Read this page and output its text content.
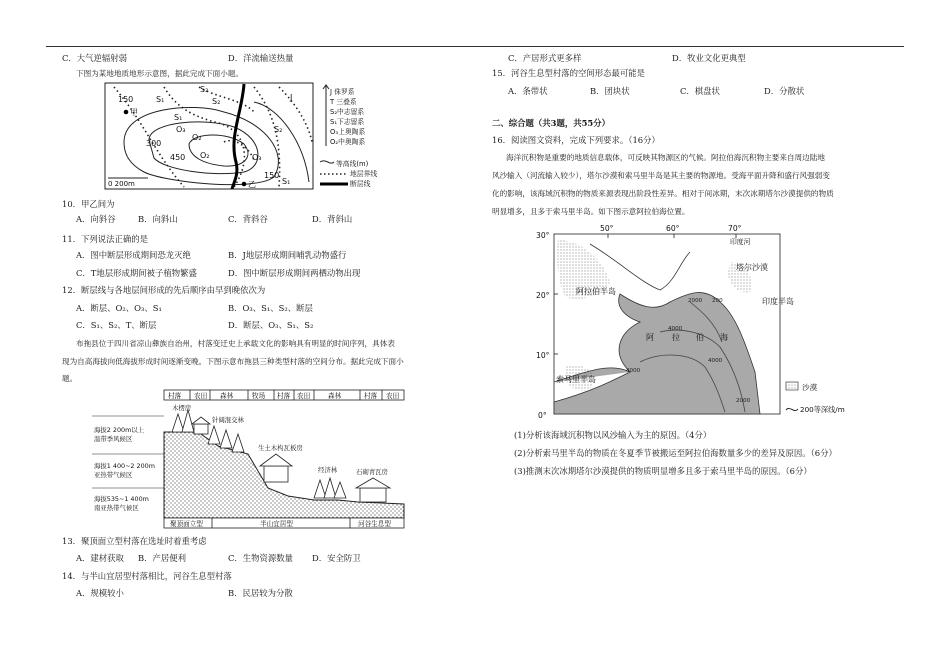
C．大气逆辐射弱	D．洋流输送热量
下图为某地地质地形示意图，据此完成下面小题。
甲
乙
150
300
450
150
J
S₂
S₁
S₁
S₂
S₂
S₁
O₃
O₂	O₃
O₂
0 200m
J 侏罗系
T 三叠系
S₂中志留系
S₁下志留系
O₃上奥陶系
O₂中奥陶系
等高线(m)
地层界线
断层线
10．甲乙间为
A．向斜谷	B．向斜山	C．背斜谷	D．背斜山
11．下列说法正确的是
A．图中断层形成期间恐龙灭绝	B．J地层形成期间哺乳动物盛行
C．T地层形成期间被子植物繁盛	D．图中断层形成期间两栖动物出现
12．断层线与各地层间形成的先后顺序由早到晚依次为
A．断层、O₂、O₃、S₁	B．O₃、S₁、S₂、断层
C．S₁、S₂、T、断层	D．断层、O₃、S₁、S₂
布拖县位于四川省凉山彝族自治州，村落变迁史上承载文化的影响具有明显的时间序列，具体表
现为自高海拔向低海拔形成时间逐渐变晚。下图示意布拖县三种类型村落的空间分布。据此完成下面小
题。
村落 农田 森林	牧场 村落 农田	森林	村落 农田
海拔2 200m以上
温带季风候区
海拔1 400~2 200m
亚热带气候区
海拔535~1 400m
南亚热带气候区
木楞房
针阔混交林
生土木构瓦板房
经济林	石砌青瓦房
聚顶面立型	半山宜居型	河谷生息型
13．聚顶面立型村落在选址时着重考虑
A．建材获取 B．产居便利	C．生物资源数量 D．安全防卫
14．与半山宜居型村落相比，河谷生息型村落
A．规模较小	B．民居较为分散
C．产居形式更多样	D．牧业文化更典型
15．河谷生息型村落的空间形态最可能是
A．条带状	B．团块状	C．棋盘状	D．分散状
二、综合题（共3题，共55分）
16．阅读图文资料，完成下列要求。（16分）
海洋沉积物是重要的地质信息载体，可反映其物源区的气候。阿拉伯海沉积物主要来自周边陆地
风沙输入（河流输入较少），塔尔沙漠和索马里半岛是其主要的物源地。受海平面升降和盛行风强弱变
化的影响，该海域沉积物的物质来源表现出阶段性差异。相对于间冰期，末次冰期塔尔沙漠提供的物质
明显增多，且多于索马里半岛。如下图示意阿拉伯海位置。
50°	60°	70°
30°
20°
10°
0°
印度河
塔尔沙漠
阿拉伯半岛
印度半岛
阿 拉 伯 海
索马里半岛
2000 200
4000
4000
4000
2000
沙漠
200等深线/m
(1)分析该海域沉积物以风沙输入为主的原因。（4分）
(2)分析索马里半岛的物质在冬夏季节被搬运至阿拉伯海数量多少的差异及原因。（6分）
(3)推测末次冰期塔尔沙漠提供的物质明显增多且多于索马里半岛的原因。（6分）
